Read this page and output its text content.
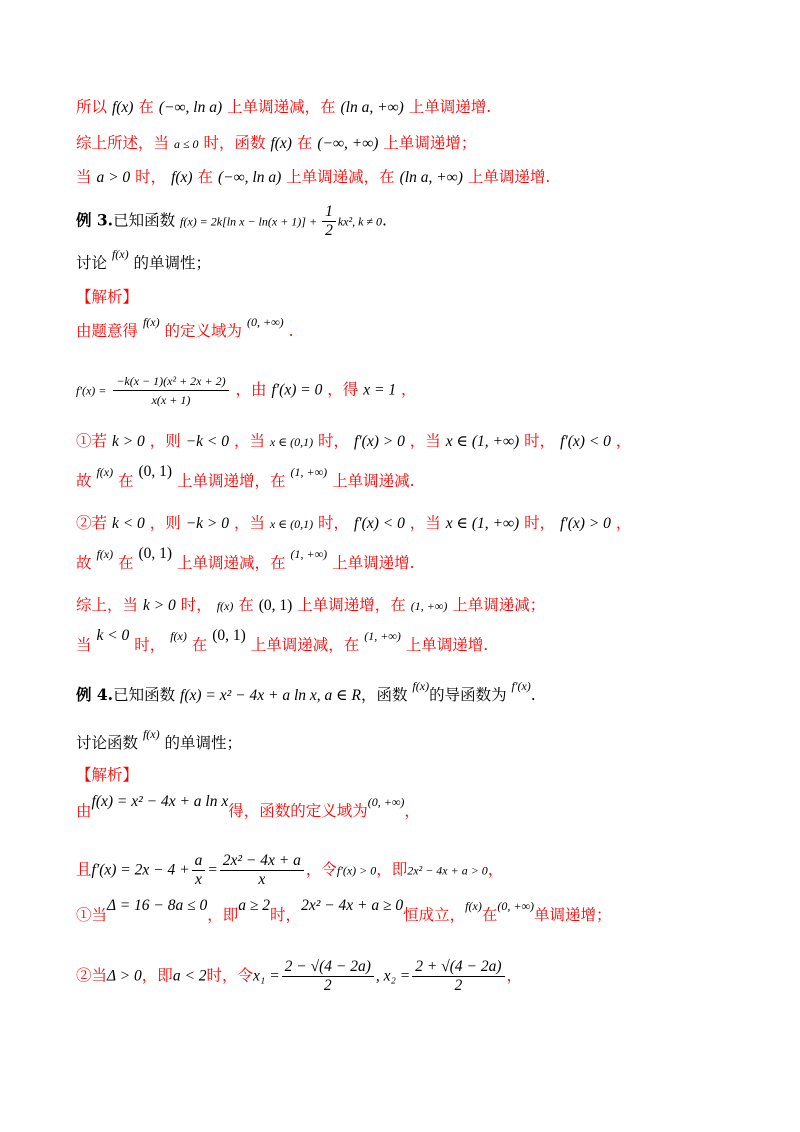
所以 f(x) 在 (−∞, ln a) 上单调递减，在 (ln a, +∞) 上单调递增.
综上所述，当 a ≤ 0 时，函数 f(x) 在 (−∞, +∞) 上单调递增；
当 a > 0 时， f(x) 在 (−∞, ln a) 上单调递减，在 (ln a, +∞) 上单调递增.
例 3.已知函数 f(x) = 2k[ln $x - \ln(x + 1)] + \frac{1}{2} kx^2$, k ≠ 0.
讨论 $^{f(x)}$ 的单调性；
【解析】
由题意得 $^{f(x)}$ 的定义域为 $^{(0, +\infty)}$ .
$f'(x) = \frac{\text{−k(x − 1)(x² + 2x + 2)}}{x(x + 1)}$ ，由 f′(x) = 0 ，得 x = 1 ，
①若 k > 0 ，则 −k < 0 ，当 x ∈ (0,1) 时， f′(x) > 0 ，当 x ∈ (1, +∞) 时， f′(x) < 0 ，
故 $^{f(x)}$ 在 (0, 1) 上单调递增，在 $^{(1, +\infty)}$ 上单调递减.
②若 k < 0 ，则 −k > 0 ，当 x ∈ (0,1) 时， f′(x) < 0 ，当 x ∈ (1, +∞) 时， f′(x) > 0 ，
故 $^{f(x)}$ 在 (0, 1) 上单调递减，在 $^{(1, +\infty)}$ 上单调递增.
综上，当 k > 0 时， f(x) 在 (0, 1) 上单调递增，在 (1, +∞) 上单调递减；
当 k < 0 时， $^{f(x)}$ 在 (0, 1) 上单调递减，在 $^{(1, +\infty)}$ 上单调递增.
例 4.已知函数 f(x) = x² − 4x + a ln x, a ∈ R，函数 $^{f(x)}$的导函数为 $^{f'(x)}$.
讨论函数 $^{f(x)}$ 的单调性；
【解析】
由f(x) = x² − 4x + a ln x得，函数的定义域为$^{(0, +\infty)}$，
且$f'(x) = 2x - 4 + \frac{a}{x} = \frac{\text{2x² − 4x + a}}{x}$ ，令f′(x) > 0，即2x² − 4x + a > 0，
①当Δ = 16 − 8a ≤ 0，即a ≥ 2时，2x² − 4x + a ≥ 0恒成立，$^{f(x)}$在$^{(0, +\infty)}$单调递增；
②当Δ > 0，即a < 2时，令$x_1 = \frac{2 - √(4 - 2a)}{2}$ , $x_2 = \frac{2 + √(4 - 2a)}{2}$ ，
